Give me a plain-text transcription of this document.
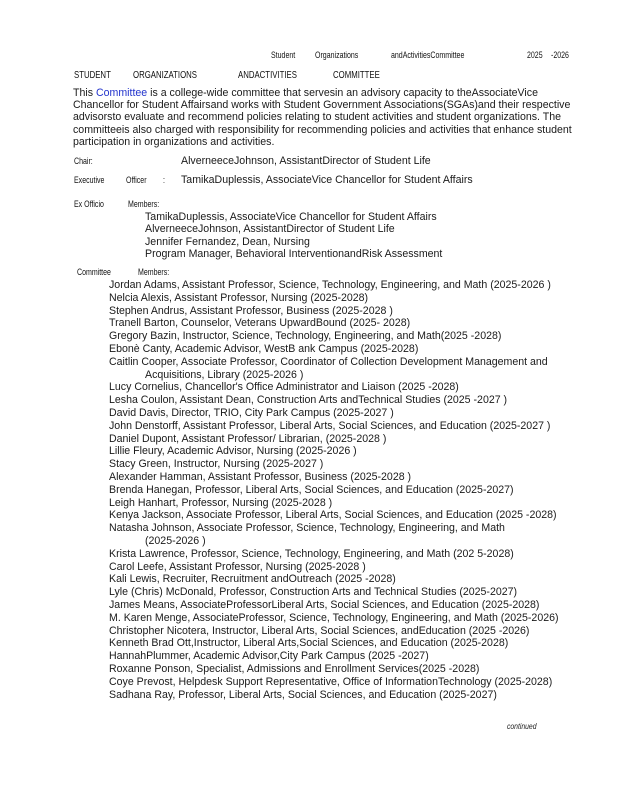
Student Organizations	andActivitiesCommittee	2025 -2026
STUDENT ORGANIZATIONS	ANDACTIVITIES	COMMITTEE
This Committee is a college-wide committee that servesin an advisory capacity to theAssociateVice
Chancellor for Student Affairsand works with Student Government Associations(SGAs)and their respective
advisorsto evaluate and recommend policies relating to student activities and student organizations. The
committeeis also charged with responsibility for recommending policies and activities that enhance student
participation in organizations and activities.
Chair:	AlverneeceJohnson, AssistantDirector of Student Life
Executive Officer : TamikaDuplessis, AssociateVice Chancellor for Student Affairs
Ex Officio	Members:
TamikaDuplessis, AssociateVice Chancellor for Student Affairs
AlverneeceJohnson, AssistantDirector of Student Life
Jennifer Fernandez, Dean, Nursing
Program Manager, Behavioral InterventionandRisk Assessment
Committee	Members:
Jordan Adams, Assistant Professor, Science, Technology, Engineering, and Math (2025-2026 )
Nelcia Alexis, Assistant Professor, Nursing (2025-2028)
Stephen Andrus, Assistant Professor, Business (2025-2028 )
Tranell Barton, Counselor, Veterans UpwardBound (2025- 2028)
Gregory Bazin, Instructor, Science, Technology, Engineering, and Math(2025 -2028)
Ebonè Canty, Academic Advisor, WestB ank Campus (2025-2028)
Caitlin Cooper, Associate Professor, Coordinator of Collection Development Management and
Acquisitions, Library (2025-2026 )
Lucy Cornelius, Chancellor's Office Administrator and Liaison (2025 -2028)
Lesha Coulon, Assistant Dean, Construction Arts andTechnical Studies (2025 -2027 )
David Davis, Director, TRIO, City Park Campus (2025-2027 )
John Denstorff, Assistant Professor, Liberal Arts, Social Sciences, and Education (2025-2027 )
Daniel Dupont, Assistant Professor/ Librarian, (2025-2028 )
Lillie Fleury, Academic Advisor, Nursing (2025-2026 )
Stacy Green, Instructor, Nursing (2025-2027 )
Alexander Hamman, Assistant Professor, Business (2025-2028 )
Brenda Hanegan, Professor, Liberal Arts, Social Sciences, and Education (2025-2027)
Leigh Hanhart, Professor, Nursing (2025-2028 )
Kenya Jackson, Associate Professor, Liberal Arts, Social Sciences, and Education (2025 -2028)
Natasha Johnson, Associate Professor, Science, Technology, Engineering, and Math
(2025-2026 )
Krista Lawrence, Professor, Science, Technology, Engineering, and Math (202 5-2028)
Carol Leefe, Assistant Professor, Nursing (2025-2028 )
Kali Lewis, Recruiter, Recruitment andOutreach (2025 -2028)
Lyle (Chris) McDonald, Professor, Construction Arts and Technical Studies (2025-2027)
James Means, AssociateProfessorLiberal Arts, Social Sciences, and Education (2025-2028)
M. Karen Menge, AssociateProfessor, Science, Technology, Engineering, and Math (2025-2026)
Christopher Nicotera, Instructor, Liberal Arts, Social Sciences, andEducation (2025 -2026)
Kenneth Brad Ott,Instructor, Liberal Arts,Social Sciences, and Education (2025-2028)
HannahPlummer, Academic Advisor,City Park Campus (2025 -2027)
Roxanne Ponson, Specialist, Admissions and Enrollment Services(2025 -2028)
Coye Prevost, Helpdesk Support Representative, Office of InformationTechnology (2025-2028)
Sadhana Ray, Professor, Liberal Arts, Social Sciences, and Education (2025-2027)
continued
